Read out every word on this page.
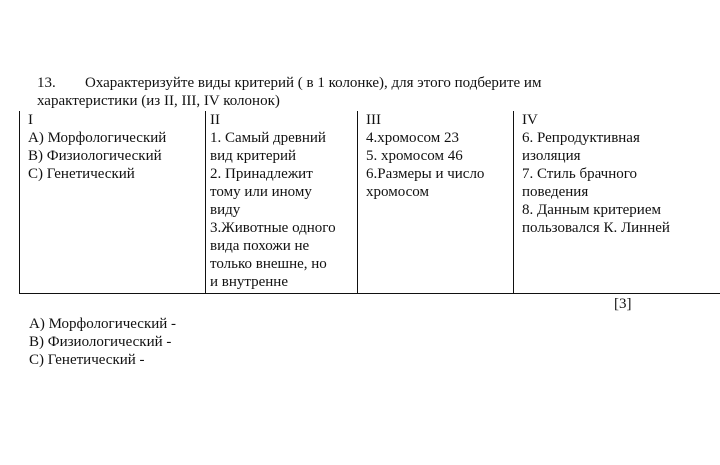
13. Охарактеризуйте виды критерий ( в 1 колонке), для этого подберите им
характеристики (из II, III, IV колонок)
I
А) Морфологический
В) Физиологический
С) Генетический
II
1. Самый древний
вид критерий
2. Принадлежит
тому или иному
виду
3.Животные одного
вида похожи не
только внешне, но
и внутренне
III
4.хромосом 23
5. хромосом 46
6.Размеры и число
хромосом
IV
6. Репродуктивная
изоляция
7. Стиль брачного
поведения
8. Данным критерием
пользовался К. Линней
[3]
А) Морфологический -
В) Физиологический -
С) Генетический -
